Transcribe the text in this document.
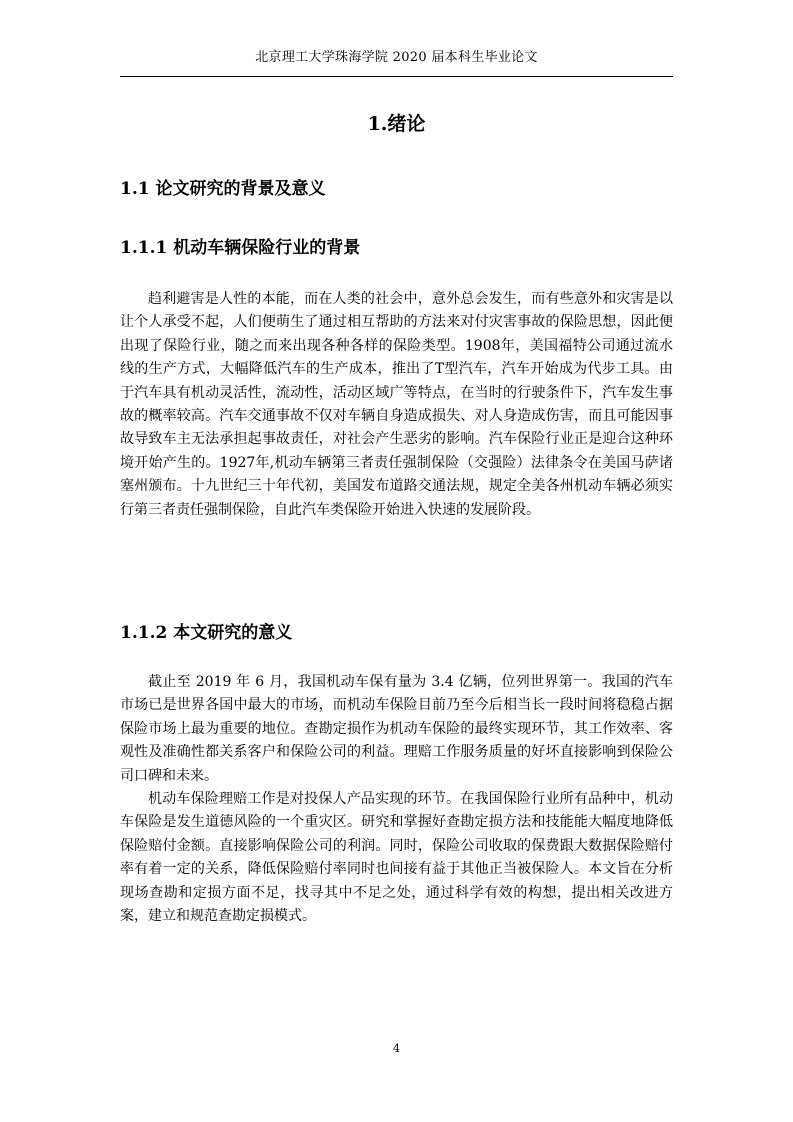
北京理工大学珠海学院 2020 届本科生毕业论文
1.绪论
1.1 论文研究的背景及意义
1.1.1 机动车辆保险行业的背景

趋利避害是人性的本能，而在人类的社会中，意外总会发生，而有些意外和灾害是以让个人承受不起，人们便萌生了通过相互帮助的方法来对付灾害事故的保险思想，因此便出现了保险行业，随之而来出现各种各样的保险类型。1908年，美国福特公司通过流水线的生产方式，大幅降低汽车的生产成本，推出了T型汽车，汽车开始成为代步工具。由于汽车具有机动灵活性，流动性，活动区域广等特点，在当时的行驶条件下，汽车发生事故的概率较高。汽车交通事故不仅对车辆自身造成损失、对人身造成伤害，而且可能因事故导致车主无法承担起事故责任，对社会产生恶劣的影响。汽车保险行业正是迎合这种环境开始产生的。1927年,机动车辆第三者责任强制保险（交强险）法律条令在美国马萨诸塞州颁布。十九世纪三十年代初，美国发布道路交通法规，规定全美各州机动车辆必须实行第三者责任强制保险，自此汽车类保险开始进入快速的发展阶段。

1.1.2 本文研究的意义

截止至 2019 年 6 月，我国机动车保有量为 3.4 亿辆，位列世界第一。我国的汽车市场已是世界各国中最大的市场，而机动车保险目前乃至今后相当长一段时间将稳稳占据保险市场上最为重要的地位。查勘定损作为机动车保险的最终实现环节，其工作效率、客观性及准确性都关系客户和保险公司的利益。理赔工作服务质量的好坏直接影响到保险公司口碑和未来。

机动车保险理赔工作是对投保人产品实现的环节。在我国保险行业所有品种中，机动车保险是发生道德风险的一个重灾区。研究和掌握好查勘定损方法和技能能大幅度地降低保险赔付金额。直接影响保险公司的利润。同时，保险公司收取的保费跟大数据保险赔付率有着一定的关系，降低保险赔付率同时也间接有益于其他正当被保险人。本文旨在分析现场查勘和定损方面不足，找寻其中不足之处，通过科学有效的构想，提出相关改进方案，建立和规范查勘定损模式。

4
